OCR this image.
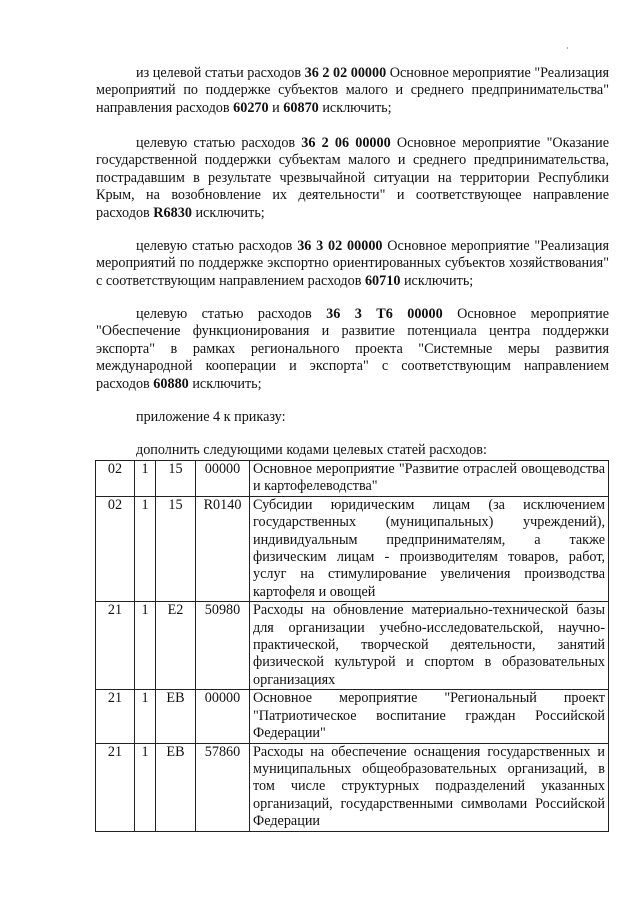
·

из целевой статьи расходов 36 2 02 00000 Основное мероприятие "Реализация мероприятий по поддержке субъектов малого и среднего предпринимательства" направления расходов 60270 и 60870 исключить;

целевую статью расходов 36 2 06 00000 Основное мероприятие "Оказание государственной поддержки субъектам малого и среднего предпринимательства, пострадавшим в результате чрезвычайной ситуации на территории Республики Крым, на возобновление их деятельности" и соответствующее направление расходов R6830 исключить;

целевую статью расходов 36 3 02 00000 Основное мероприятие "Реализация мероприятий по поддержке экспортно ориентированных субъектов хозяйствования" с соответствующим направлением расходов 60710 исключить;

целевую статью расходов 36 3 Т6 00000 Основное мероприятие "Обеспечение функционирования и развитие потенциала центра поддержки экспорта" в рамках регионального проекта "Системные меры развития международной кооперации и экспорта" с соответствующим направлением расходов 60880 исключить;

приложение 4 к приказу:

дополнить следующими кодами целевых статей расходов:

02	1	15	00000	Основное мероприятие "Развитие отраслей овощеводства и картофелеводства"
02	1	15	R0140	Субсидии юридическим лицам (за исключением государственных (муниципальных) учреждений), индивидуальным предпринимателям, а также физическим лицам - производителям товаров, работ, услуг на стимулирование увеличения производства картофеля и овощей
21	1	Е2	50980	Расходы на обновление материально-технической базы для организации учебно-исследовательской, научно-практической, творческой деятельности, занятий физической культурой и спортом в образовательных организациях
21	1	ЕВ	00000	Основное мероприятие "Региональный проект "Патриотическое воспитание граждан Российской Федерации"
21	1	ЕВ	57860	Расходы на обеспечение оснащения государственных и муниципальных общеобразовательных организаций, в том числе структурных подразделений указанных организаций, государственными символами Российской Федерации
